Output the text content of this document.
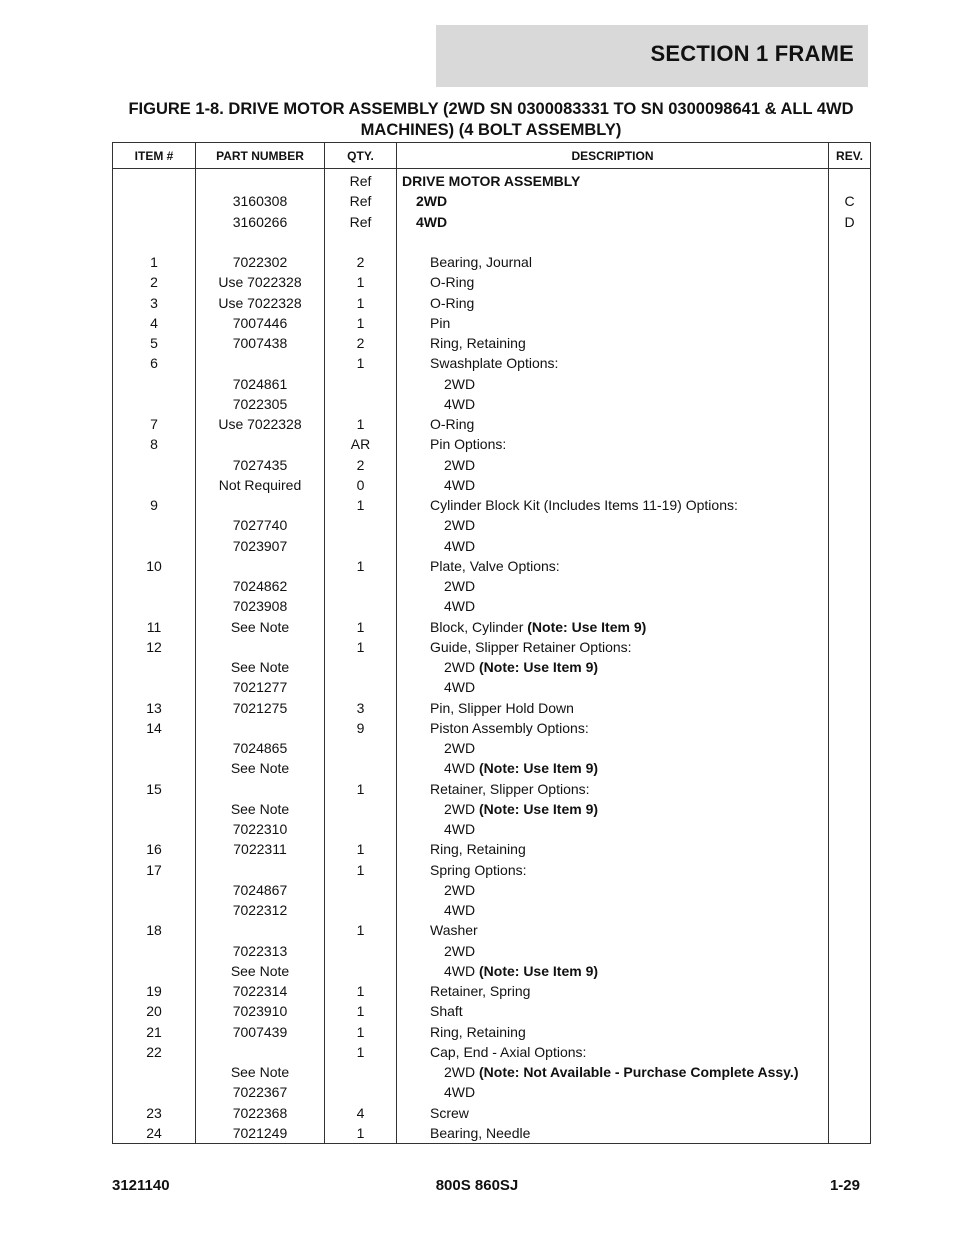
SECTION 1 FRAME
FIGURE 1-8. DRIVE MOTOR ASSEMBLY (2WD SN 0300083331 TO SN 0300098641 & ALL 4WD
MACHINES) (4 BOLT ASSEMBLY)
ITEM #	PART NUMBER	QTY.	DESCRIPTION	REV.
		Ref	DRIVE MOTOR ASSEMBLY	
	3160308	Ref	2WD	C
	3160266	Ref	4WD	D

1	7022302	2	Bearing, Journal	
2	Use 7022328	1	O-Ring	
3	Use 7022328	1	O-Ring	
4	7007446	1	Pin	
5	7007438	2	Ring, Retaining	
6		1	Swashplate Options:	
	7024861		2WD	
	7022305		4WD	
7	Use 7022328	1	O-Ring	
8		AR	Pin Options:	
	7027435	2	2WD	
	Not Required	0	4WD	
9		1	Cylinder Block Kit (Includes Items 11-19) Options:	
	7027740		2WD	
	7023907		4WD	
10		1	Plate, Valve Options:	
	7024862		2WD	
	7023908		4WD	
11	See Note	1	Block, Cylinder (Note: Use Item 9)	
12		1	Guide, Slipper Retainer Options:	
	See Note		2WD (Note: Use Item 9)	
	7021277		4WD	
13	7021275	3	Pin, Slipper Hold Down	
14		9	Piston Assembly Options:	
	7024865		2WD	
	See Note		4WD (Note: Use Item 9)	
15		1	Retainer, Slipper Options:	
	See Note		2WD (Note: Use Item 9)	
	7022310		4WD	
16	7022311	1	Ring, Retaining	
17		1	Spring Options:	
	7024867		2WD	
	7022312		4WD	
18		1	Washer	
	7022313		2WD	
	See Note		4WD (Note: Use Item 9)	
19	7022314	1	Retainer, Spring	
20	7023910	1	Shaft	
21	7007439	1	Ring, Retaining	
22		1	Cap, End - Axial Options:	
	See Note		2WD (Note: Not Available - Purchase Complete Assy.)	
	7022367		4WD	
23	7022368	4	Screw	
24	7021249	1	Bearing, Needle	
3121140	800S 860SJ	1-29
